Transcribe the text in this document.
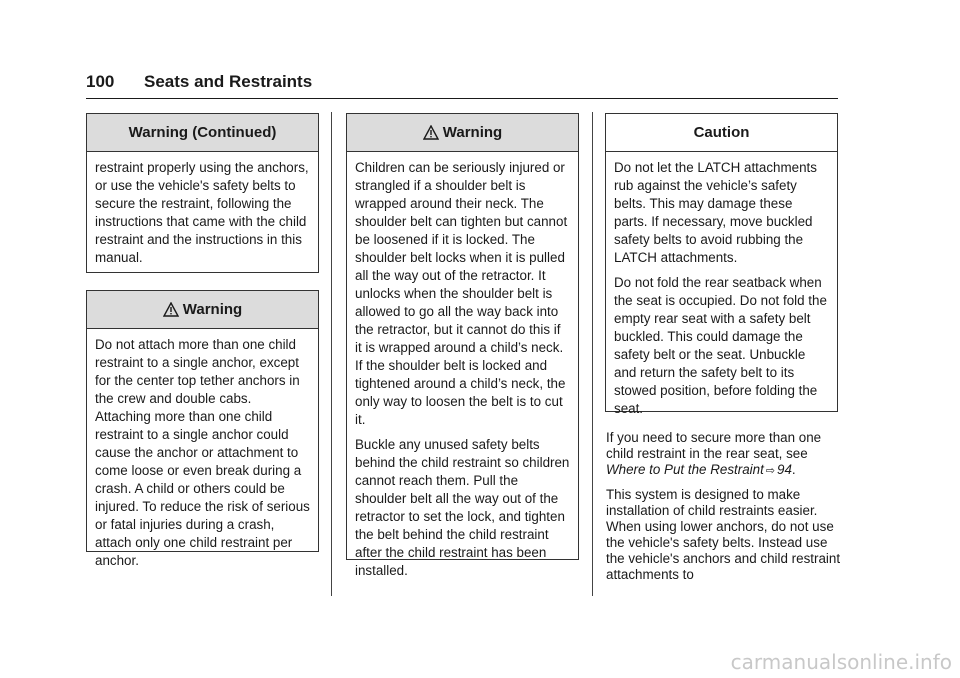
100 Seats and Restraints
Warning (Continued)

restraint properly using the anchors, or use the vehicle's safety belts to secure the restraint, following the instructions that came with the child restraint and the instructions in this manual.

Warning

Do not attach more than one child restraint to a single anchor, except for the center top tether anchors in the crew and double cabs. Attaching more than one child restraint to a single anchor could cause the anchor or attachment to come loose or even break during a crash. A child or others could be injured. To reduce the risk of serious or fatal injuries during a crash, attach only one child restraint per anchor.

Warning

Children can be seriously injured or strangled if a shoulder belt is wrapped around their neck. The shoulder belt can tighten but cannot be loosened if it is locked. The shoulder belt locks when it is pulled all the way out of the retractor. It unlocks when the shoulder belt is allowed to go all the way back into the retractor, but it cannot do this if it is wrapped around a child’s neck. If the shoulder belt is locked and tightened around a child’s neck, the only way to loosen the belt is to cut it.

Buckle any unused safety belts behind the child restraint so children cannot reach them. Pull the shoulder belt all the way out of the retractor to set the lock, and tighten the belt behind the child restraint after the child restraint has been installed.

Caution

Do not let the LATCH attachments rub against the vehicle’s safety belts. This may damage these parts. If necessary, move buckled safety belts to avoid rubbing the LATCH attachments.

Do not fold the rear seatback when the seat is occupied. Do not fold the empty rear seat with a safety belt buckled. This could damage the safety belt or the seat. Unbuckle and return the safety belt to its stowed position, before folding the seat.

If you need to secure more than one child restraint in the rear seat, see Where to Put the Restraint ⇨ 94.

This system is designed to make installation of child restraints easier. When using lower anchors, do not use the vehicle's safety belts. Instead use the vehicle's anchors and child restraint attachments to

carmanualsonline.info
